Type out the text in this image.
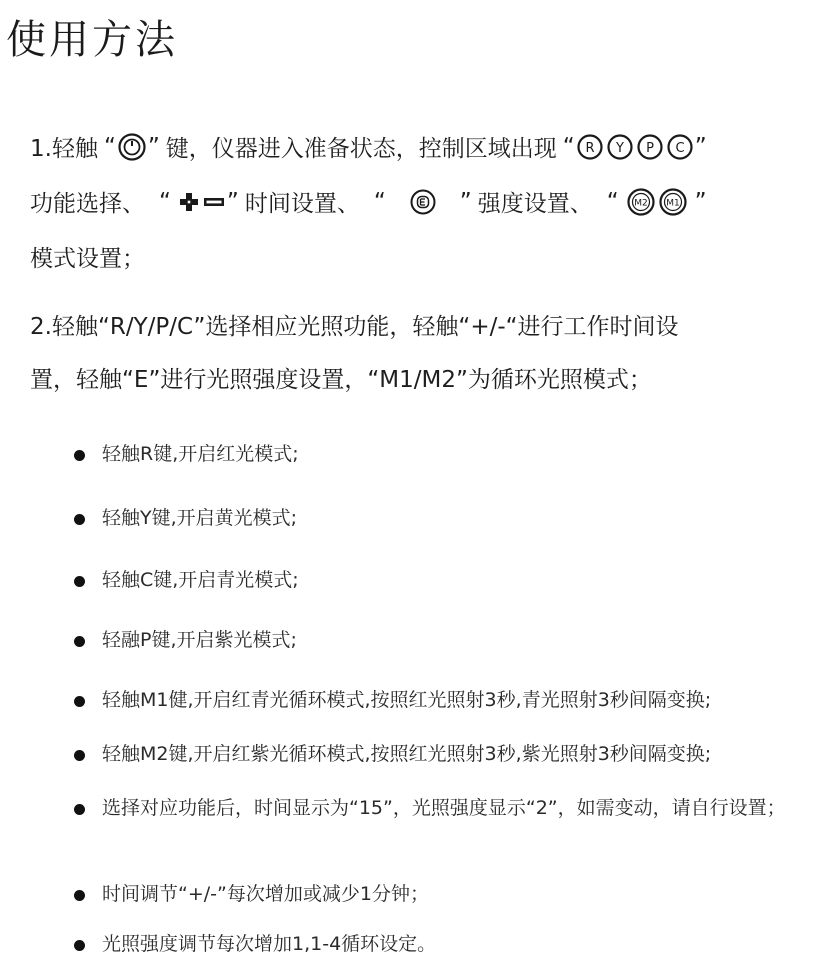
使用方法
1.轻触 “ ” 键，仪器进入准备状态，控制区域出现 “ R Y P C ”
功能选择、 “ ” 时间设置、 “	” 强度设置、 “ M2 M1 ”
模式设置；
2.轻触“R/Y/P/C”选择相应光照功能，轻触“+/-“进行工作时间设
置，轻触“E”进行光照强度设置，“M1/M2”为循环光照模式；
轻触R键,开启红光模式;
轻触Y键,开启黄光模式;
轻触C键,开启青光模式;
轻融P键,开启紫光模式;
轻触M1健,开启红青光循环模式,按照红光照射3秒,青光照射3秒间隔变换;
轻触M2键,开启红紫光循环模式,按照红光照射3秒,紫光照射3秒间隔变换;
选择对应功能后，时间显示为“15”，光照强度显示“2”，如需变动，请自行设置；
时间调节“+/-”每次增加或减少1分钟；
光照强度调节每次增加1,1-4循环设定。
